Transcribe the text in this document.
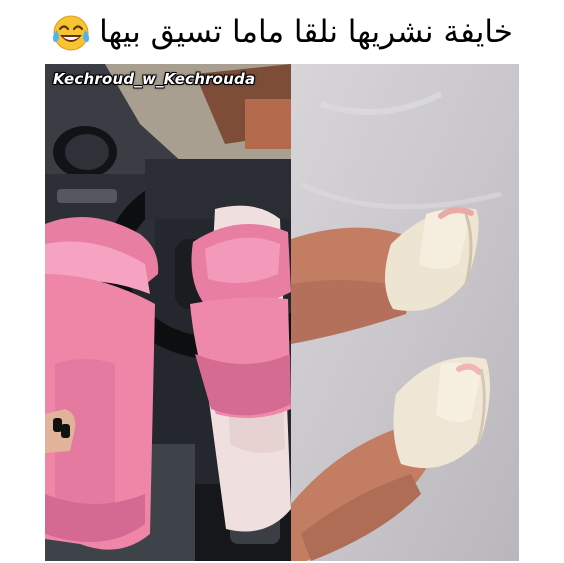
خايفة نشريها نلقا ماما تسيق بيها
Kechroud_w_Kechrouda
